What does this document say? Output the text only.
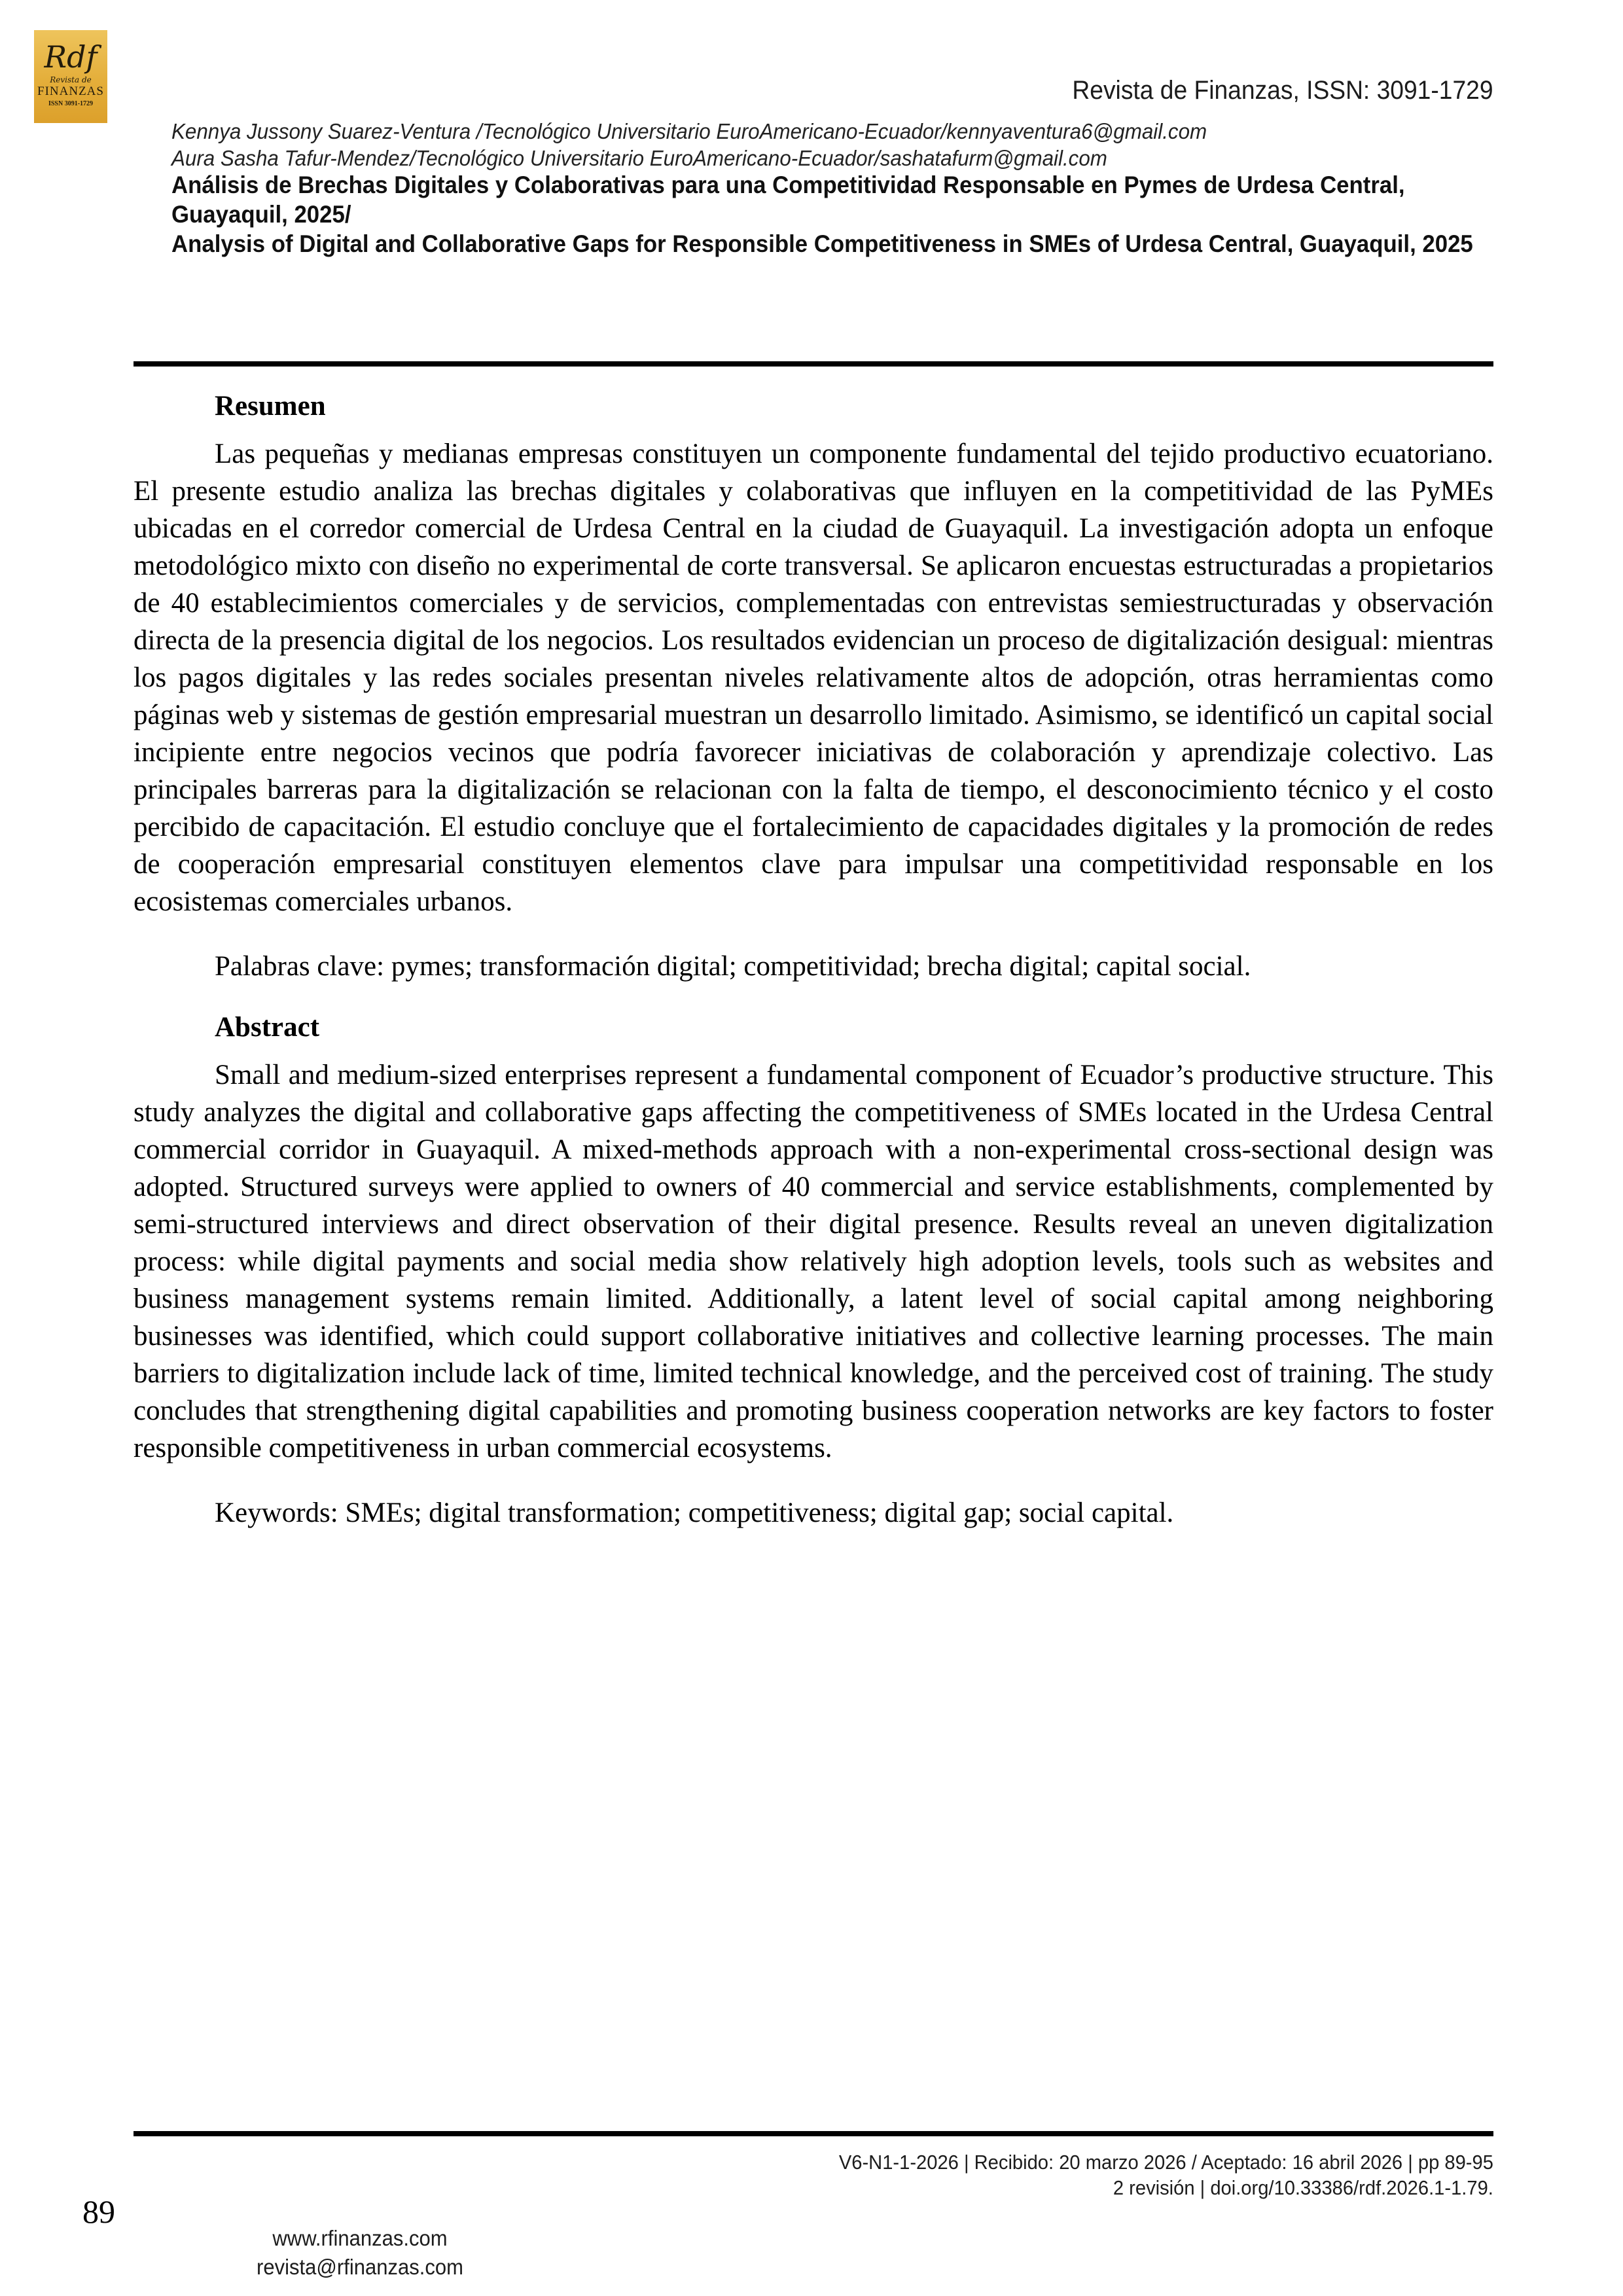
Rdf
Revista de
FINANZAS
ISSN 3091-1729	Revista de Finanzas, ISSN: 3091-1729
Kennya Jussony Suarez-Ventura /Tecnológico Universitario EuroAmericano-Ecuador/kennyaventura6@gmail.com
Aura Sasha Tafur-Mendez/Tecnológico Universitario EuroAmericano-Ecuador/sashatafurm@gmail.com
Análisis de Brechas Digitales y Colaborativas para una Competitividad Responsable en Pymes de Urdesa Central, Guayaquil, 2025/
Analysis of Digital and Collaborative Gaps for Responsible Competitiveness in SMEs of Urdesa Central, Guayaquil, 2025
Resumen

Las pequeñas y medianas empresas constituyen un componente fundamental del tejido productivo ecuatoriano. El presente estudio analiza las brechas digitales y colaborativas que influyen en la competitividad de las PyMEs ubicadas en el corredor comercial de Urdesa Central en la ciudad de Guayaquil. La investigación adopta un enfoque metodológico mixto con diseño no experimental de corte transversal. Se aplicaron encuestas estructuradas a propietarios de 40 establecimientos comerciales y de servicios, complementadas con entrevistas semiestructuradas y observación directa de la presencia digital de los negocios. Los resultados evidencian un proceso de digitalización desigual: mientras los pagos digitales y las redes sociales presentan niveles relativamente altos de adopción, otras herramientas como páginas web y sistemas de gestión empresarial muestran un desarrollo limitado. Asimismo, se identificó un capital social incipiente entre negocios vecinos que podría favorecer iniciativas de colaboración y aprendizaje colectivo. Las principales barreras para la digitalización se relacionan con la falta de tiempo, el desconocimiento técnico y el costo percibido de capacitación. El estudio concluye que el fortalecimiento de capacidades digitales y la promoción de redes de cooperación empresarial constituyen elementos clave para impulsar una competitividad responsable en los ecosistemas comerciales urbanos.

Palabras clave: pymes; transformación digital; competitividad; brecha digital; capital social.

Abstract

Small and medium-sized enterprises represent a fundamental component of Ecuador’s productive structure. This study analyzes the digital and collaborative gaps affecting the competitiveness of SMEs located in the Urdesa Central commercial corridor in Guayaquil. A mixed-methods approach with a non-experimental cross-sectional design was adopted. Structured surveys were applied to owners of 40 commercial and service establishments, complemented by semi-structured interviews and direct observation of their digital presence. Results reveal an uneven digitalization process: while digital payments and social media show relatively high adoption levels, tools such as websites and business management systems remain limited. Additionally, a latent level of social capital among neighboring businesses was identified, which could support collaborative initiatives and collective learning processes. The main barriers to digitalization include lack of time, limited technical knowledge, and the perceived cost of training. The study concludes that strengthening digital capabilities and promoting business cooperation networks are key factors to foster responsible competitiveness in urban commercial ecosystems.

Keywords: SMEs; digital transformation; competitiveness; digital gap; social capital.

V6-N1-1-2026 | Recibido: 20 marzo 2026 / Aceptado: 16 abril 2026 | pp 89-95
2 revisión | doi.org/10.33386/rdf.2026.1-1.79.
89
www.rfinanzas.com
revista@rfinanzas.com
